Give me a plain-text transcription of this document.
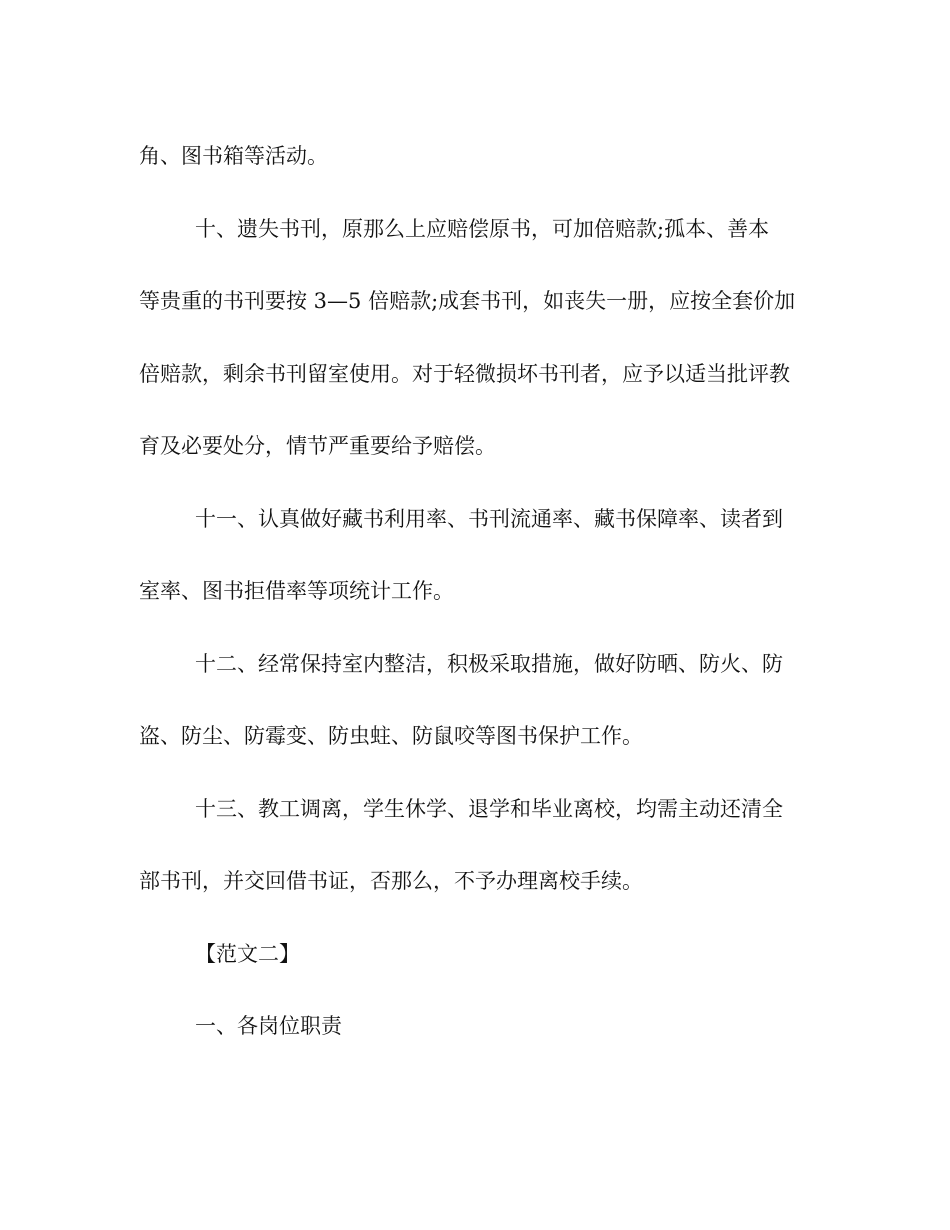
角、图书箱等活动。
十、遗失书刊，原那么上应赔偿原书，可加倍赔款;孤本、善本
等贵重的书刊要按 3—5 倍赔款;成套书刊，如丧失一册，应按全套价加
倍赔款，剩余书刊留室使用。对于轻微损坏书刊者，应予以适当批评教
育及必要处分，情节严重要给予赔偿。
十一、认真做好藏书利用率、书刊流通率、藏书保障率、读者到
室率、图书拒借率等项统计工作。
十二、经常保持室内整洁，积极采取措施，做好防晒、防火、防
盗、防尘、防霉变、防虫蛀、防鼠咬等图书保护工作。
十三、教工调离，学生休学、退学和毕业离校，均需主动还清全
部书刊，并交回借书证，否那么，不予办理离校手续。
【范文二】
一、各岗位职责
